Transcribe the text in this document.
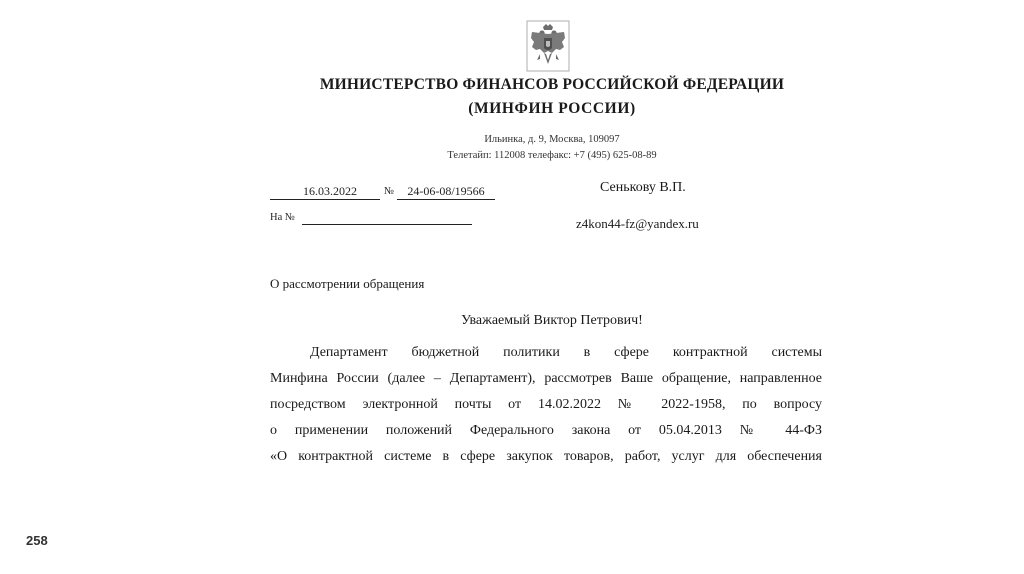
МИНИСТЕРСТВО ФИНАНСОВ РОССИЙСКОЙ ФЕДЕРАЦИИ
(МИНФИН РОССИИ)
Ильинка, д. 9, Москва, 109097
Телетайп: 112008 телефакс: +7 (495) 625-08-89
16.03.2022	№	24-06-08/19566
На №
Сенькову В.П.
z4kon44-fz@yandex.ru
О рассмотрении обращения
Уважаемый Виктор Петрович!
Департамент бюджетной политики в сфере контрактной системы
Минфина России (далее – Департамент), рассмотрев Ваше обращение, направленное
посредством электронной почты от 14.02.2022 № 2022-1958, по вопросу
о применении положений Федерального закона от 05.04.2013 № 44-ФЗ
«О контрактной системе в сфере закупок товаров, работ, услуг для обеспечения
258
